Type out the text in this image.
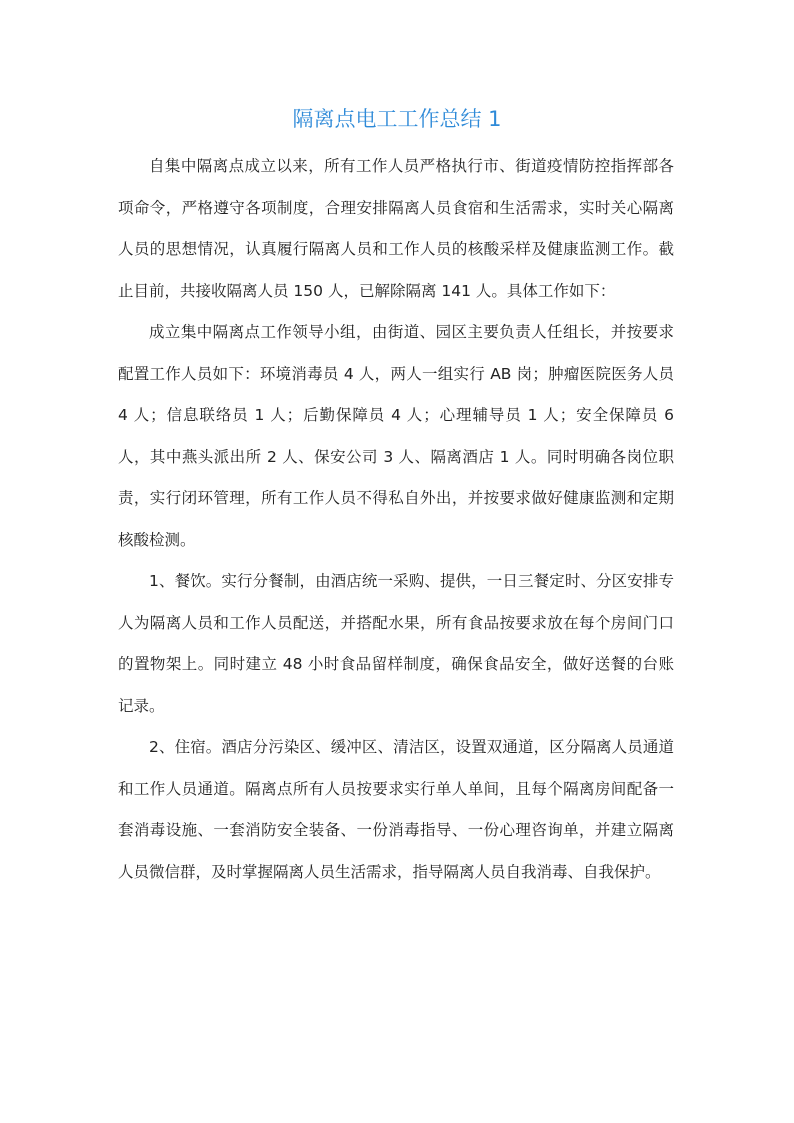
隔离点电工工作总结 1

自集中隔离点成立以来，所有工作人员严格执行市、街道疫情防控指挥部各项命令，严格遵守各项制度，合理安排隔离人员食宿和生活需求，实时关心隔离人员的思想情况，认真履行隔离人员和工作人员的核酸采样及健康监测工作。截止目前，共接收隔离人员 150 人，已解除隔离 141 人。具体工作如下：

成立集中隔离点工作领导小组，由街道、园区主要负责人任组长，并按要求配置工作人员如下：环境消毒员 4 人，两人一组实行 AB 岗；肿瘤医院医务人员 4 人；信息联络员 1 人；后勤保障员 4 人；心理辅导员 1 人；安全保障员 6 人，其中燕头派出所 2 人、保安公司 3 人、隔离酒店 1 人。同时明确各岗位职责，实行闭环管理，所有工作人员不得私自外出，并按要求做好健康监测和定期核酸检测。

1、餐饮。实行分餐制，由酒店统一采购、提供，一日三餐定时、分区安排专人为隔离人员和工作人员配送，并搭配水果，所有食品按要求放在每个房间门口的置物架上。同时建立 48 小时食品留样制度，确保食品安全，做好送餐的台账记录。

2、住宿。酒店分污染区、缓冲区、清洁区，设置双通道，区分隔离人员通道和工作人员通道。隔离点所有人员按要求实行单人单间，且每个隔离房间配备一套消毒设施、一套消防安全装备、一份消毒指导、一份心理咨询单，并建立隔离人员微信群，及时掌握隔离人员生活需求，指导隔离人员自我消毒、自我保护。
